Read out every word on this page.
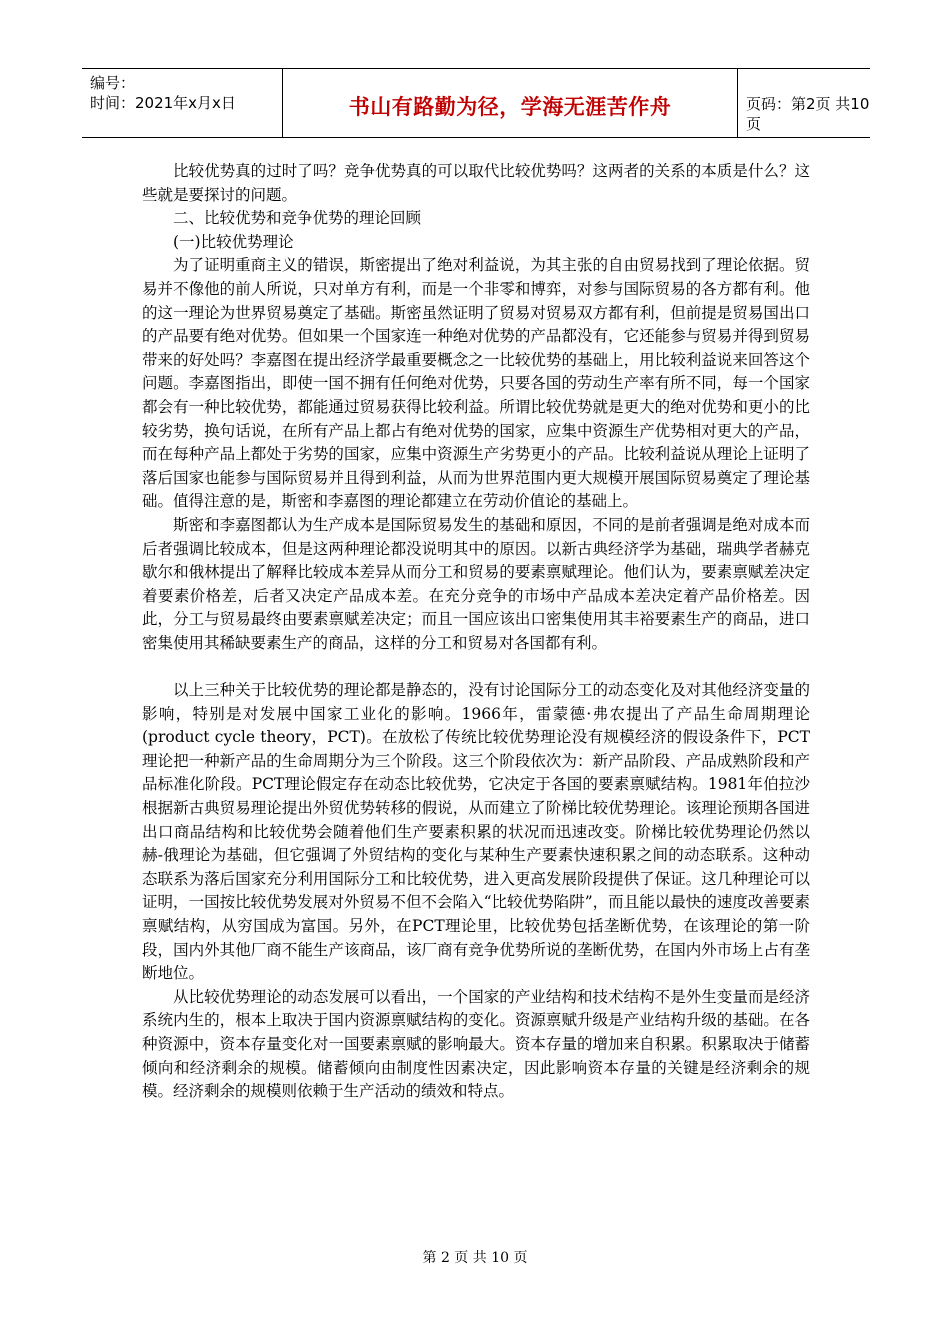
编号：
时间：2021年x月x日	书山有路勤为径，学海无涯苦作舟	页码：第2页 共10页

比较优势真的过时了吗？竞争优势真的可以取代比较优势吗？这两者的关系的本质是什么？这些就是要探讨的问题。

二、比较优势和竞争优势的理论回顾

(一)比较优势理论

为了证明重商主义的错误，斯密提出了绝对利益说，为其主张的自由贸易找到了理论依据。贸易并不像他的前人所说，只对单方有利，而是一个非零和博弈，对参与国际贸易的各方都有利。他的这一理论为世界贸易奠定了基础。斯密虽然证明了贸易对贸易双方都有利，但前提是贸易国出口的产品要有绝对优势。但如果一个国家连一种绝对优势的产品都没有，它还能参与贸易并得到贸易带来的好处吗？李嘉图在提出经济学最重要概念之一比较优势的基础上，用比较利益说来回答这个问题。李嘉图指出，即使一国不拥有任何绝对优势，只要各国的劳动生产率有所不同，每一个国家都会有一种比较优势，都能通过贸易获得比较利益。所谓比较优势就是更大的绝对优势和更小的比较劣势，换句话说，在所有产品上都占有绝对优势的国家，应集中资源生产优势相对更大的产品，而在每种产品上都处于劣势的国家，应集中资源生产劣势更小的产品。比较利益说从理论上证明了落后国家也能参与国际贸易并且得到利益，从而为世界范围内更大规模开展国际贸易奠定了理论基础。值得注意的是，斯密和李嘉图的理论都建立在劳动价值论的基础上。

斯密和李嘉图都认为生产成本是国际贸易发生的基础和原因，不同的是前者强调是绝对成本而后者强调比较成本，但是这两种理论都没说明其中的原因。以新古典经济学为基础，瑞典学者赫克歇尔和俄林提出了解释比较成本差异从而分工和贸易的要素禀赋理论。他们认为，要素禀赋差决定着要素价格差，后者又决定产品成本差。在充分竞争的市场中产品成本差决定着产品价格差。因此，分工与贸易最终由要素禀赋差决定；而且一国应该出口密集使用其丰裕要素生产的商品，进口密集使用其稀缺要素生产的商品，这样的分工和贸易对各国都有利。

以上三种关于比较优势的理论都是静态的，没有讨论国际分工的动态变化及对其他经济变量的影响，特别是对发展中国家工业化的影响。1966年，雷蒙德·弗农提出了产品生命周期理论(product cycle theory，PCT)。在放松了传统比较优势理论没有规模经济的假设条件下，PCT理论把一种新产品的生命周期分为三个阶段。这三个阶段依次为：新产品阶段、产品成熟阶段和产品标准化阶段。PCT理论假定存在动态比较优势，它决定于各国的要素禀赋结构。1981年伯拉沙根据新古典贸易理论提出外贸优势转移的假说，从而建立了阶梯比较优势理论。该理论预期各国进出口商品结构和比较优势会随着他们生产要素积累的状况而迅速改变。阶梯比较优势理论仍然以赫-俄理论为基础，但它强调了外贸结构的变化与某种生产要素快速积累之间的动态联系。这种动态联系为落后国家充分利用国际分工和比较优势，进入更高发展阶段提供了保证。这几种理论可以证明，一国按比较优势发展对外贸易不但不会陷入“比较优势陷阱”，而且能以最快的速度改善要素禀赋结构，从穷国成为富国。另外，在PCT理论里，比较优势包括垄断优势，在该理论的第一阶段，国内外其他厂商不能生产该商品，该厂商有竞争优势所说的垄断优势，在国内外市场上占有垄断地位。

从比较优势理论的动态发展可以看出，一个国家的产业结构和技术结构不是外生变量而是经济系统内生的，根本上取决于国内资源禀赋结构的变化。资源禀赋升级是产业结构升级的基础。在各种资源中，资本存量变化对一国要素禀赋的影响最大。资本存量的增加来自积累。积累取决于储蓄倾向和经济剩余的规模。储蓄倾向由制度性因素决定，因此影响资本存量的关键是经济剩余的规模。经济剩余的规模则依赖于生产活动的绩效和特点。

第 2 页 共 10 页
